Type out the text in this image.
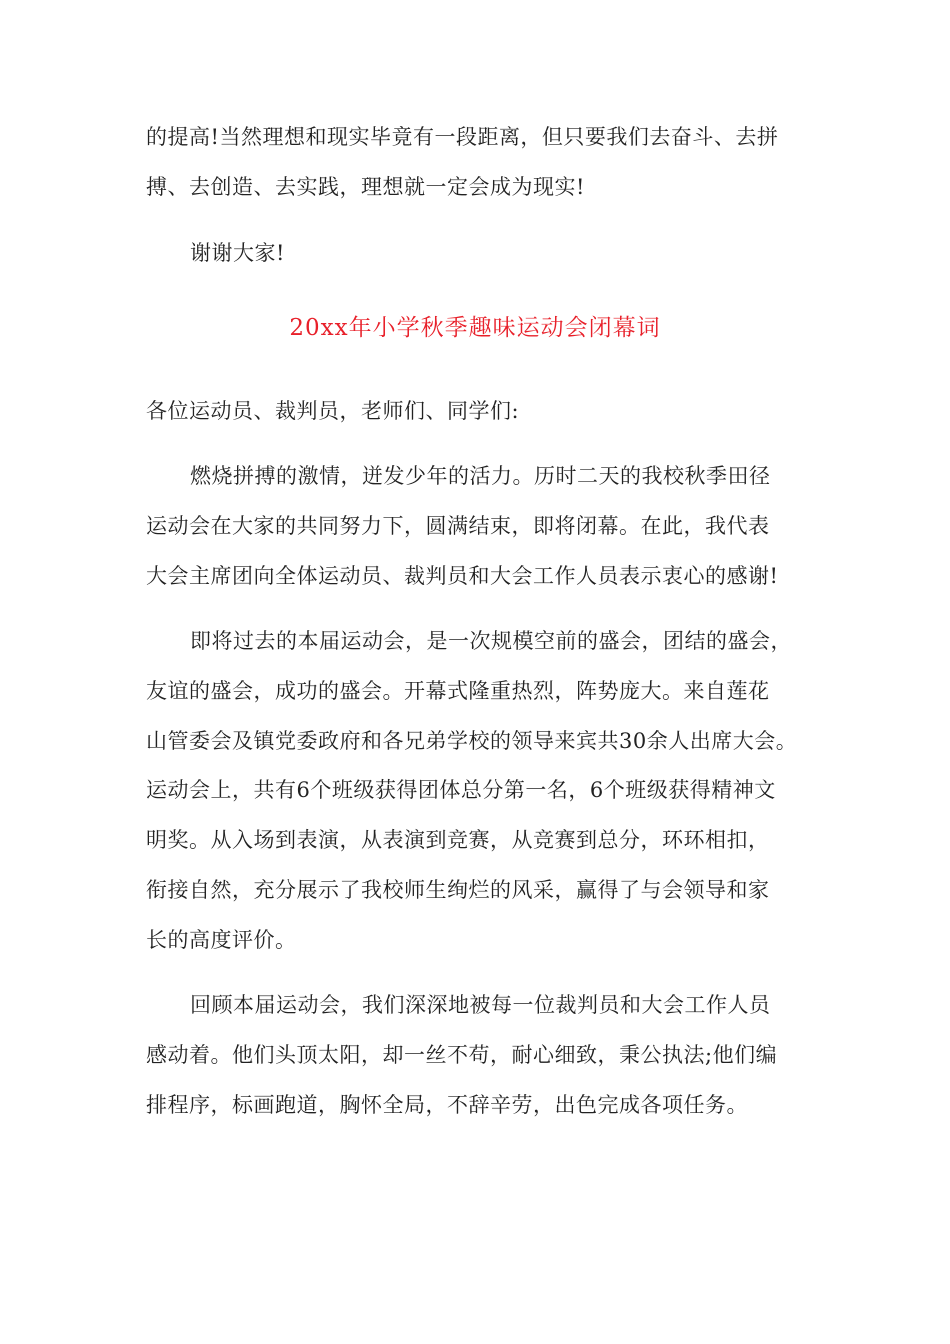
的提高!当然理想和现实毕竟有一段距离，但只要我们去奋斗、去拼
搏、去创造、去实践，理想就一定会成为现实!
谢谢大家!
20xx年小学秋季趣味运动会闭幕词
各位运动员、裁判员，老师们、同学们:
燃烧拼搏的激情，迸发少年的活力。历时二天的我校秋季田径
运动会在大家的共同努力下，圆满结束，即将闭幕。在此，我代表
大会主席团向全体运动员、裁判员和大会工作人员表示衷心的感谢!
即将过去的本届运动会，是一次规模空前的盛会，团结的盛会，
友谊的盛会，成功的盛会。开幕式隆重热烈，阵势庞大。来自莲花
山管委会及镇党委政府和各兄弟学校的领导来宾共30余人出席大会。
运动会上，共有6个班级获得团体总分第一名，6个班级获得精神文
明奖。从入场到表演，从表演到竞赛，从竞赛到总分，环环相扣，
衔接自然，充分展示了我校师生绚烂的风采，赢得了与会领导和家
长的高度评价。
回顾本届运动会，我们深深地被每一位裁判员和大会工作人员
感动着。他们头顶太阳，却一丝不苟，耐心细致，秉公执法;他们编
排程序，标画跑道，胸怀全局，不辞辛劳，出色完成各项任务。
